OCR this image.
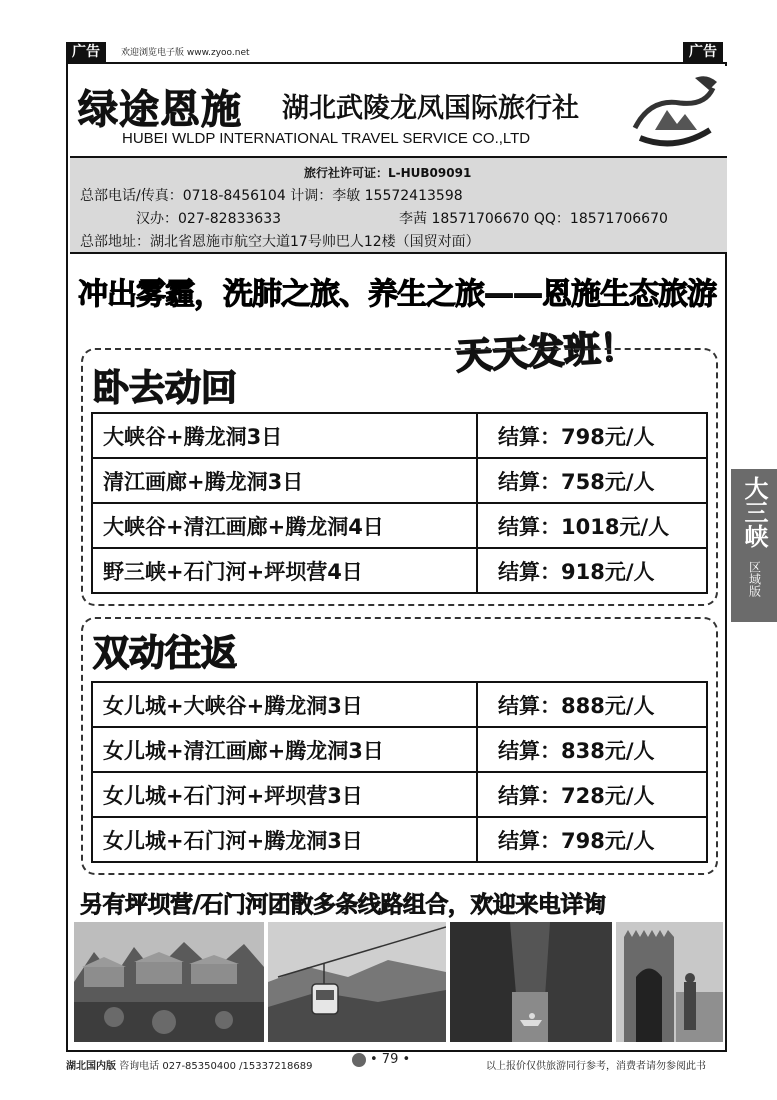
广告	欢迎浏览电子版 www.zyoo.net	广告
绿途恩施 湖北武陵龙凤国际旅行社
HUBEI WLDP INTERNATIONAL TRAVEL SERVICE CO.,LTD
旅行社许可证：L-HUB09091
总部电话/传真：0718-8456104 计调：李敏 15572413598
汉办：027-82833633	李茜 18571706670 QQ：18571706670
总部地址：湖北省恩施市航空大道17号帅巴人12楼（国贸对面）
冲出雾霾，洗肺之旅、养生之旅——恩施生态旅游
天天发班！
卧去动回
大峡谷+腾龙洞3日	结算：798元/人
清江画廊+腾龙洞3日	结算：758元/人
大峡谷+清江画廊+腾龙洞4日	结算：1018元/人
野三峡+石门河+坪坝营4日	结算：918元/人
双动往返
女儿城+大峡谷+腾龙洞3日	结算：888元/人
女儿城+清江画廊+腾龙洞3日	结算：838元/人
女儿城+石门河+坪坝营3日	结算：728元/人
女儿城+石门河+腾龙洞3日	结算：798元/人
另有坪坝营/石门河团散多条线路组合，欢迎来电详询
大三峡
区域版
湖北国内版 咨询电话 027-85350400 /15337218689	• 79 •	以上报价仅供旅游同行参考，消费者请勿参阅此书
